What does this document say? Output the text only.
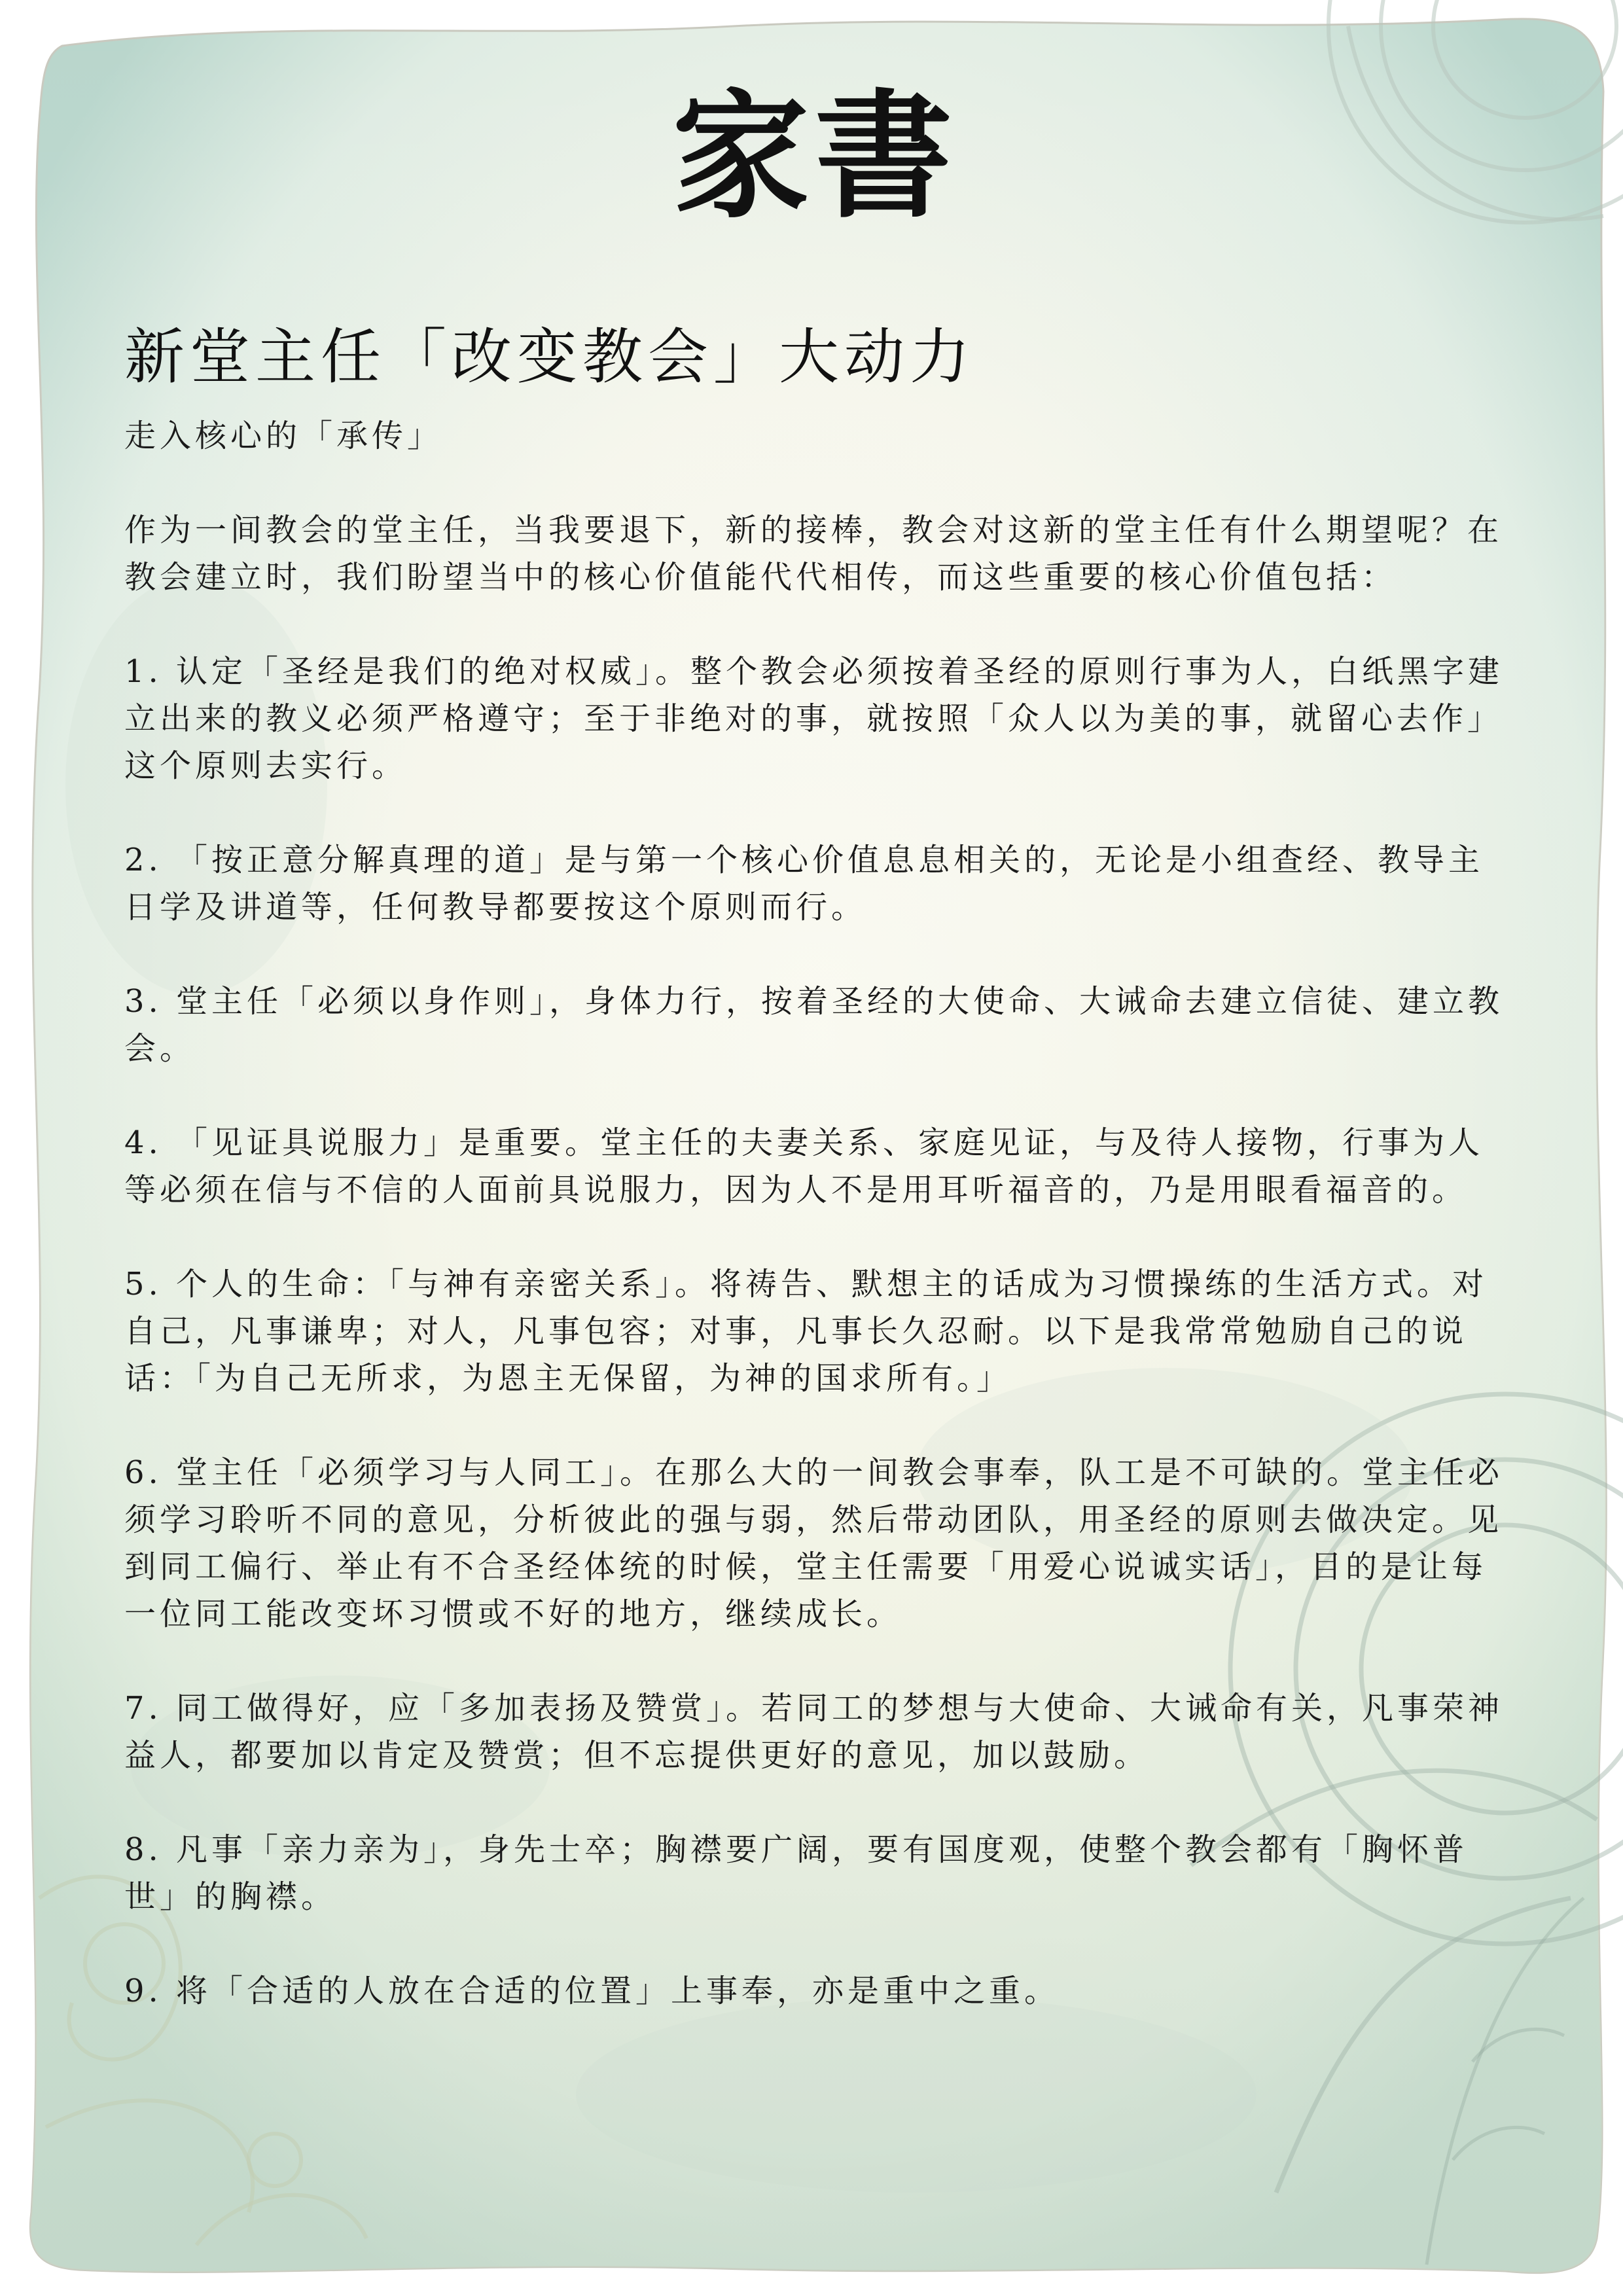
家書
新堂主任「改变教会」大动力

走入核心的「承传」

作为一间教会的堂主任，当我要退下，新的接棒，教会对这新的堂主任有什么期望呢？在教会建立时，我们盼望当中的核心价值能代代相传，而这些重要的核心价值包括：

1. 认定「圣经是我们的绝对权威」。整个教会必须按着圣经的原则行事为人，白纸黑字建立出来的教义必须严格遵守；至于非绝对的事，就按照「众人以为美的事，就留心去作」这个原则去实行。

2. 「按正意分解真理的道」是与第一个核心价值息息相关的，无论是小组查经、教导主日学及讲道等，任何教导都要按这个原则而行。

3. 堂主任「必须以身作则」，身体力行，按着圣经的大使命、大诫命去建立信徒、建立教会。

4. 「见证具说服力」是重要。堂主任的夫妻关系、家庭见证，与及待人接物，行事为人等必须在信与不信的人面前具说服力，因为人不是用耳听福音的，乃是用眼看福音的。

5. 个人的生命：「与神有亲密关系」。将祷告、默想主的话成为习惯操练的生活方式。对自己，凡事谦卑；对人，凡事包容；对事，凡事长久忍耐。以下是我常常勉励自己的说话：「为自己无所求，为恩主无保留，为神的国求所有。」

6. 堂主任「必须学习与人同工」。在那么大的一间教会事奉，队工是不可缺的。堂主任必须学习聆听不同的意见，分析彼此的强与弱，然后带动团队，用圣经的原则去做决定。见到同工偏行、举止有不合圣经体统的时候，堂主任需要「用爱心说诚实话」，目的是让每一位同工能改变坏习惯或不好的地方，继续成长。

7. 同工做得好，应「多加表扬及赞赏」。若同工的梦想与大使命、大诫命有关，凡事荣神益人，都要加以肯定及赞赏；但不忘提供更好的意见，加以鼓励。

8. 凡事「亲力亲为」，身先士卒；胸襟要广阔，要有国度观，使整个教会都有「胸怀普世」的胸襟。

9. 将「合适的人放在合适的位置」上事奉，亦是重中之重。
